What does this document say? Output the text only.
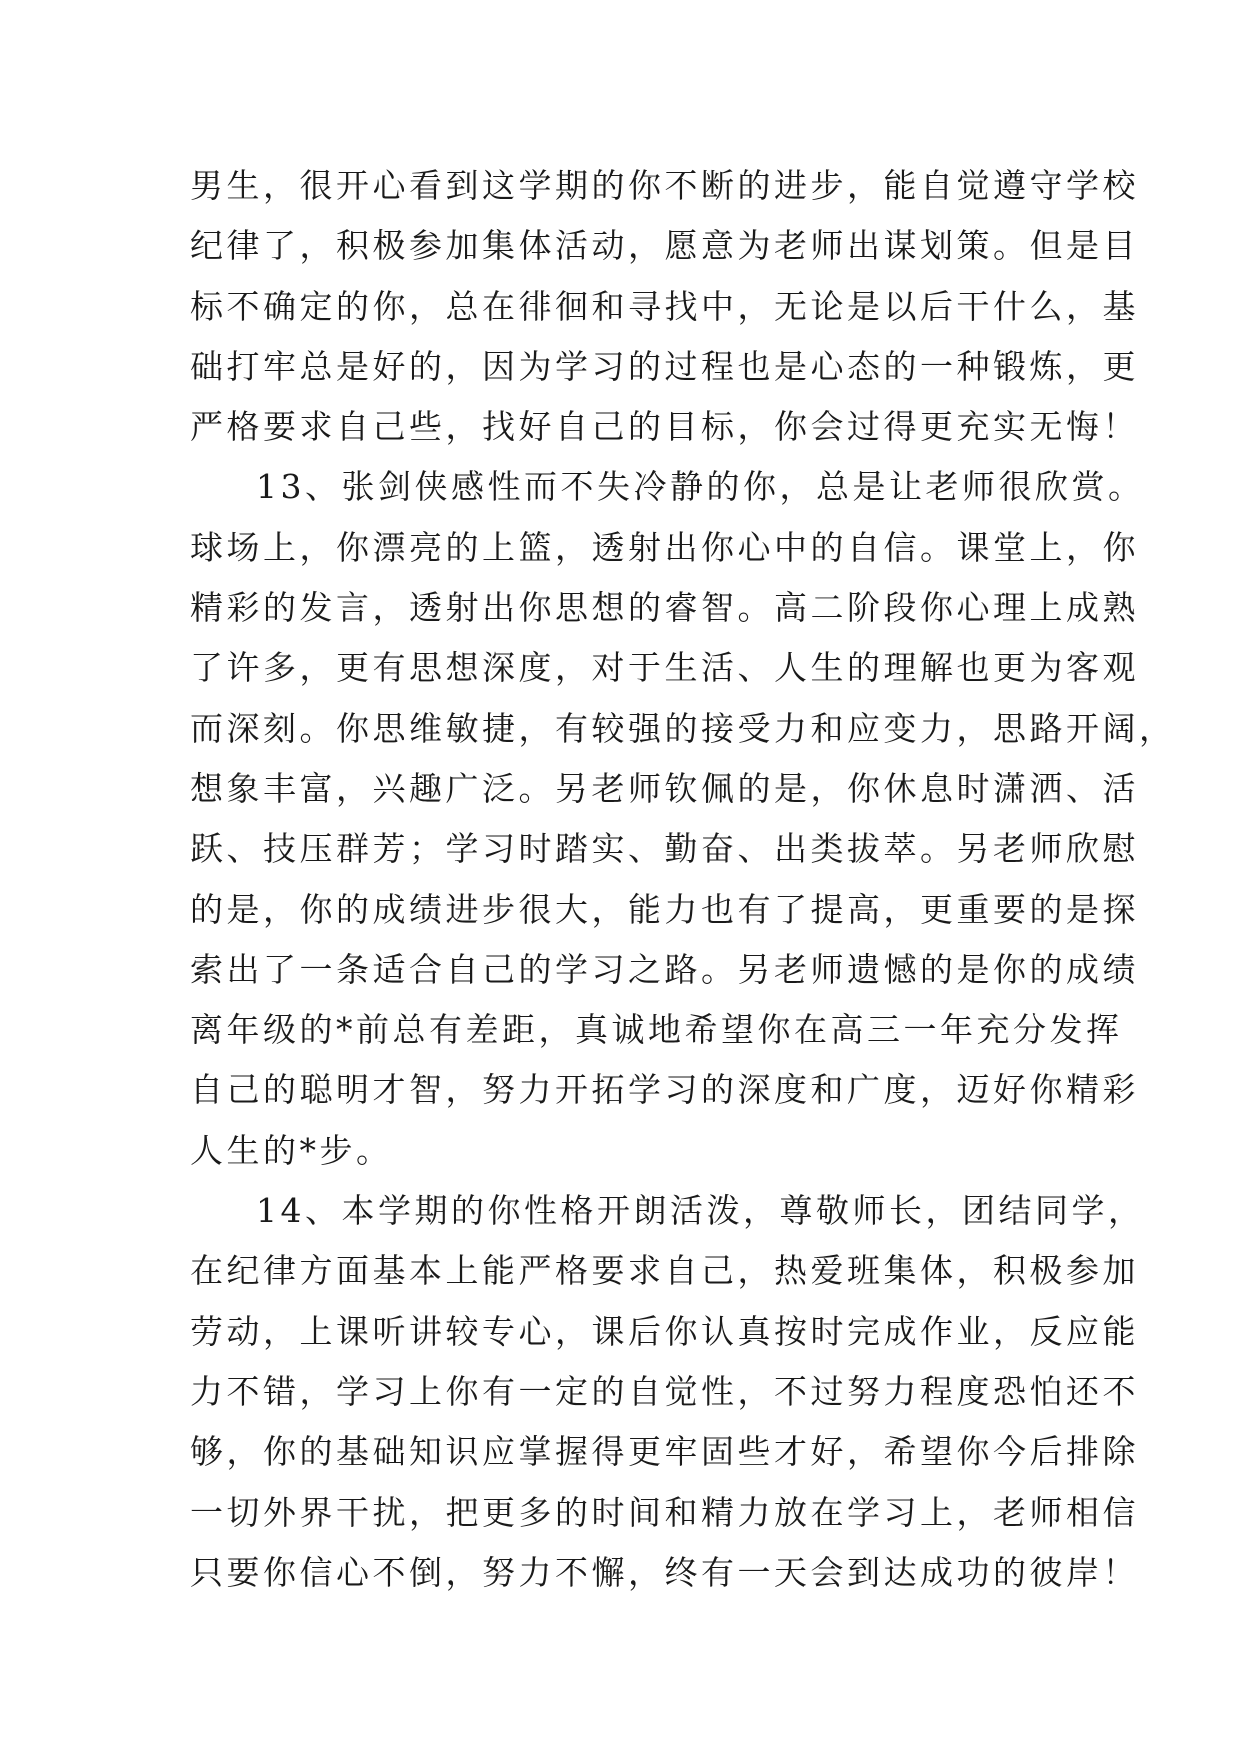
男生，很开心看到这学期的你不断的进步，能自觉遵守学校
纪律了，积极参加集体活动，愿意为老师出谋划策。但是目
标不确定的你，总在徘徊和寻找中，无论是以后干什么，基
础打牢总是好的，因为学习的过程也是心态的一种锻炼，更
严格要求自己些，找好自己的目标，你会过得更充实无悔！
13、张剑侠感性而不失冷静的你，总是让老师很欣赏。
球场上，你漂亮的上篮，透射出你心中的自信。课堂上，你
精彩的发言，透射出你思想的睿智。高二阶段你心理上成熟
了许多，更有思想深度，对于生活、人生的理解也更为客观
而深刻。你思维敏捷，有较强的接受力和应变力，思路开阔，
想象丰富，兴趣广泛。另老师钦佩的是，你休息时潇洒、活
跃、技压群芳；学习时踏实、勤奋、出类拔萃。另老师欣慰
的是，你的成绩进步很大，能力也有了提高，更重要的是探
索出了一条适合自己的学习之路。另老师遗憾的是你的成绩
离年级的*前总有差距，真诚地希望你在高三一年充分发挥
自己的聪明才智，努力开拓学习的深度和广度，迈好你精彩
人生的*步。
14、本学期的你性格开朗活泼，尊敬师长，团结同学，
在纪律方面基本上能严格要求自己，热爱班集体，积极参加
劳动，上课听讲较专心，课后你认真按时完成作业，反应能
力不错，学习上你有一定的自觉性，不过努力程度恐怕还不
够，你的基础知识应掌握得更牢固些才好，希望你今后排除
一切外界干扰，把更多的时间和精力放在学习上，老师相信
只要你信心不倒，努力不懈，终有一天会到达成功的彼岸！
